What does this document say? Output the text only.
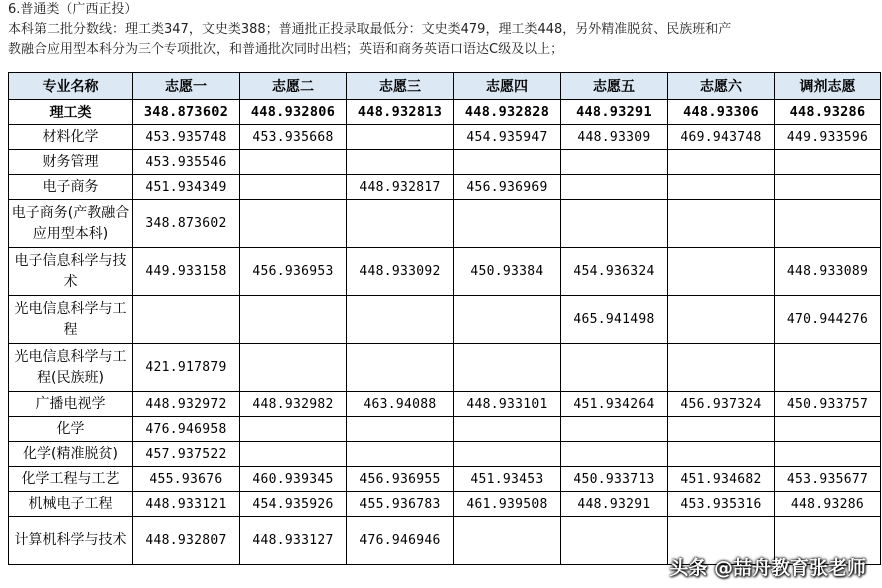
6.普通类（广西正投）
本科第二批分数线：理工类347，文史类388；普通批正投录取最低分：文史类479，理工类448，另外精准脱贫、民族班和产
教融合应用型本科分为三个专项批次，和普通批次同时出档；英语和商务英语口语达C级及以上；
专业名称	志愿一	志愿二	志愿三	志愿四	志愿五	志愿六	调剂志愿
理工类	348.873602	448.932806	448.932813	448.932828	448.93291	448.93306	448.93286
材料化学	453.935748	453.935668		454.935947	448.93309	469.943748	449.933596
财务管理	453.935546						
电子商务	451.934349		448.932817	456.936969			
电子商务(产教融合应用型本科)	348.873602						
电子信息科学与技术	449.933158	456.936953	448.933092	450.93384	454.936324		448.933089
光电信息科学与工程					465.941498		470.944276
光电信息科学与工程(民族班)	421.917879						
广播电视学	448.932972	448.932982	463.94088	448.933101	451.934264	456.937324	450.933757
化学	476.946958						
化学(精准脱贫)	457.937522						
化学工程与工艺	455.93676	460.939345	456.936955	451.93453	450.933713	451.934682	453.935677
机械电子工程	448.933121	454.935926	455.936783	461.939508	448.93291	453.935316	448.93286
计算机科学与技术	448.932807	448.933127	476.946946				
头条 @喆舟教育张老师
